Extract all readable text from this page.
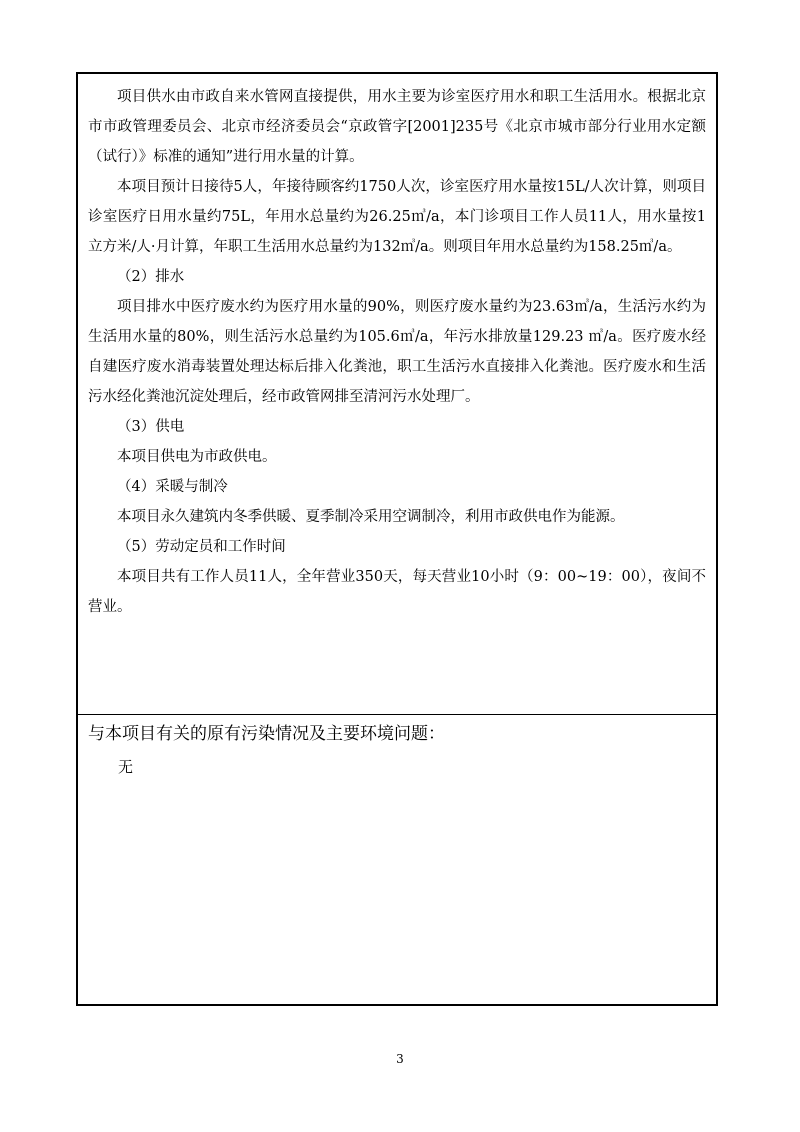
项目供水由市政自来水管网直接提供，用水主要为诊室医疗用水和职工生活用水。根据北京市市政管理委员会、北京市经济委员会“京政管字[2001]235号《北京市城市部分行业用水定额（试行）》标准的通知”进行用水量的计算。

本项目预计日接待5人，年接待顾客约1750人次，诊室医疗用水量按15L/人次计算，则项目诊室医疗日用水量约75L，年用水总量约为26.25㎥/a，本门诊项目工作人员11人，用水量按1立方米/人·月计算，年职工生活用水总量约为132㎥/a。则项目年用水总量约为158.25㎥/a。

（2）排水

项目排水中医疗废水约为医疗用水量的90%，则医疗废水量约为23.63㎥/a，生活污水约为生活用水量的80%，则生活污水总量约为105.6㎥/a，年污水排放量129.23 ㎥/a。医疗废水经自建医疗废水消毒装置处理达标后排入化粪池，职工生活污水直接排入化粪池。医疗废水和生活污水经化粪池沉淀处理后，经市政管网排至清河污水处理厂。

（3）供电

本项目供电为市政供电。

（4）采暖与制冷

本项目永久建筑内冬季供暖、夏季制冷采用空调制冷，利用市政供电作为能源。

（5）劳动定员和工作时间

本项目共有工作人员11人，全年营业350天，每天营业10小时（9：00~19：00），夜间不营业。

与本项目有关的原有污染情况及主要环境问题：

无

3
